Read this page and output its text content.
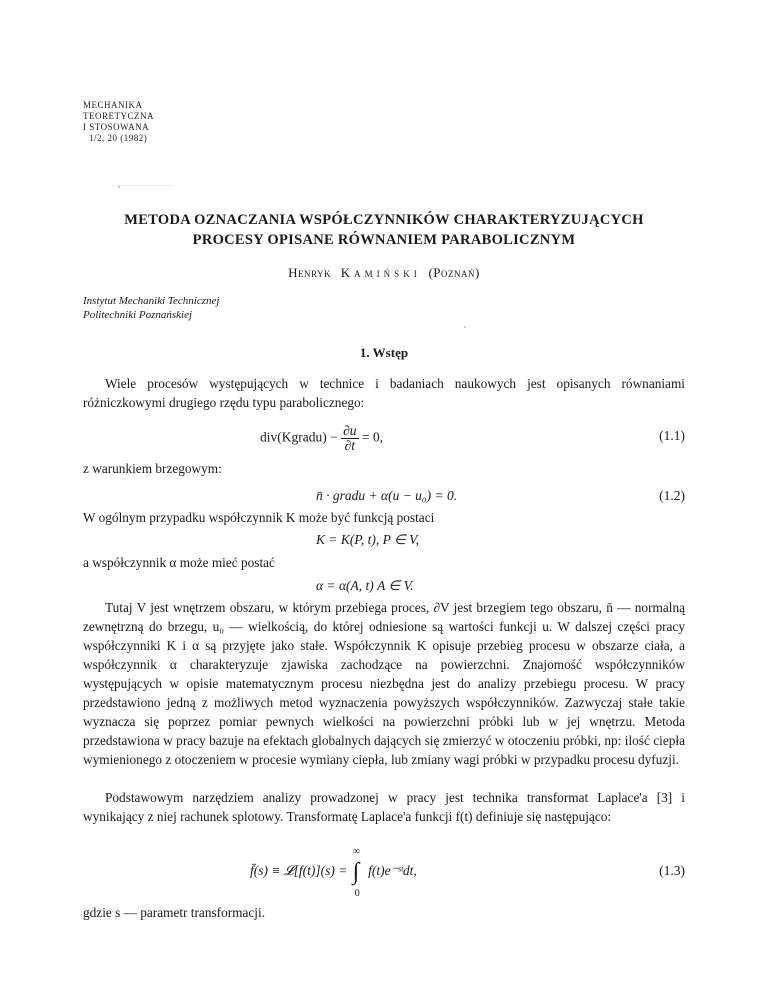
MECHANIKA
TEORETYCZNA
I STOSOWANA
1/2, 20 (1982)
METODA OZNACZANIA WSPÓŁCZYNNIKÓW CHARAKTERYZUJĄCYCH
PROCESY OPISANE RÓWNANIEM PARABOLICZNYM
Henryk Kamiński (Poznań)
Instytut Mechaniki Technicznej
Politechniki Poznańskiej
1. Wstęp
Wiele procesów występujących w technice i badaniach naukowych jest opisanych równaniami różniczkowymi drugiego rzędu typu parabolicznego:
div(Kgradu) − $\frac{\partial u}{\partial t} = 0$,	(1.1)
z warunkiem brzegowym:
n̄ · gradu + α(u − u₀) = 0.	(1.2)
W ogólnym przypadku współczynnik K może być funkcją postaci
K = K(P, t), P ∈ V,
a współczynnik α może mieć postać
α = α(A, t) A ∈ V.
Tutaj V jest wnętrzem obszaru, w którym przebiega proces, ∂V jest brzegiem tego obszaru, n̄ — normalną zewnętrzną do brzegu, u₀ — wielkością, do której odniesione są wartości funkcji u. W dalszej części pracy współczynniki K i α są przyjęte jako stałe. Współczynnik K opisuje przebieg procesu w obszarze ciała, a współczynnik α charakteryzuje zjawiska zachodzące na powierzchni. Znajomość współczynników występujących w opisie matematycznym procesu niezbędna jest do analizy przebiegu procesu. W pracy przedstawiono jedną z możliwych metod wyznaczenia powyższych współczynników. Zazwyczaj stałe takie wyznacza się poprzez pomiar pewnych wielkości na powierzchni próbki lub w jej wnętrzu. Metoda przedstawiona w pracy bazuje na efektach globalnych dających się zmierzyć w otoczeniu próbki, np: ilość ciepła wymienionego z otoczeniem w procesie wymiany ciepła, lub zmiany wagi próbki w przypadku procesu dyfuzji.
Podstawowym narzędziem analizy prowadzonej w pracy jest technika transformat Laplace'a [3] i wynikający z niej rachunek splotowy. Transformatę Laplace'a funkcji f(t) definiuje się następująco:
f̄(s) ≡ 𝓛[f(t)](s) =
∞
∫
0
f(t)e⁻ˢᵗdt,	(1.3)
gdzie s — parametr transformacji.
